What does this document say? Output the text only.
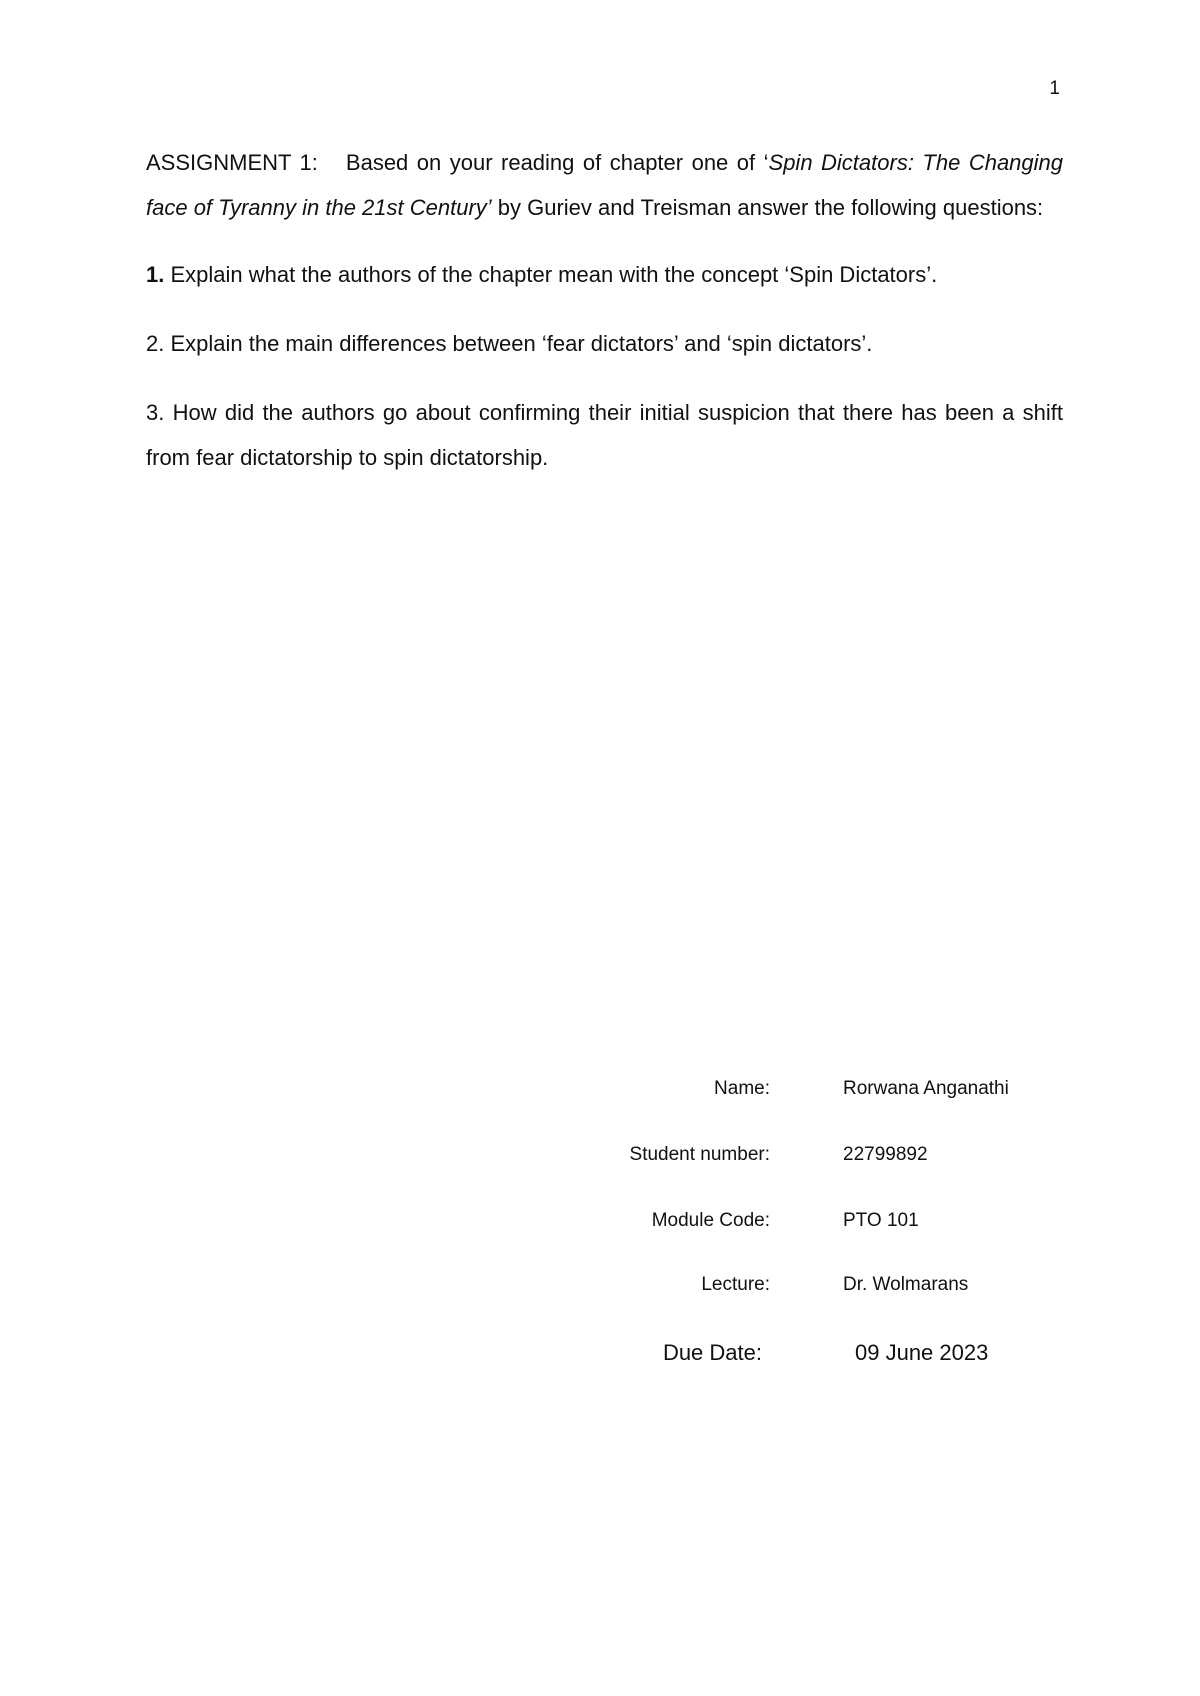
1

ASSIGNMENT 1: Based on your reading of chapter one of ‘Spin Dictators: The Changing face of Tyranny in the 21st Century’ by Guriev and Treisman answer the following questions:

1. Explain what the authors of the chapter mean with the concept ‘Spin Dictators’.

2. Explain the main differences between ‘fear dictators’ and ‘spin dictators’.

3. How did the authors go about confirming their initial suspicion that there has been a shift from fear dictatorship to spin dictatorship.

Name:	Rorwana Anganathi
Student number:	22799892
Module Code:	PTO 101
Lecture:	Dr. Wolmarans
Due Date:	09 June 2023
